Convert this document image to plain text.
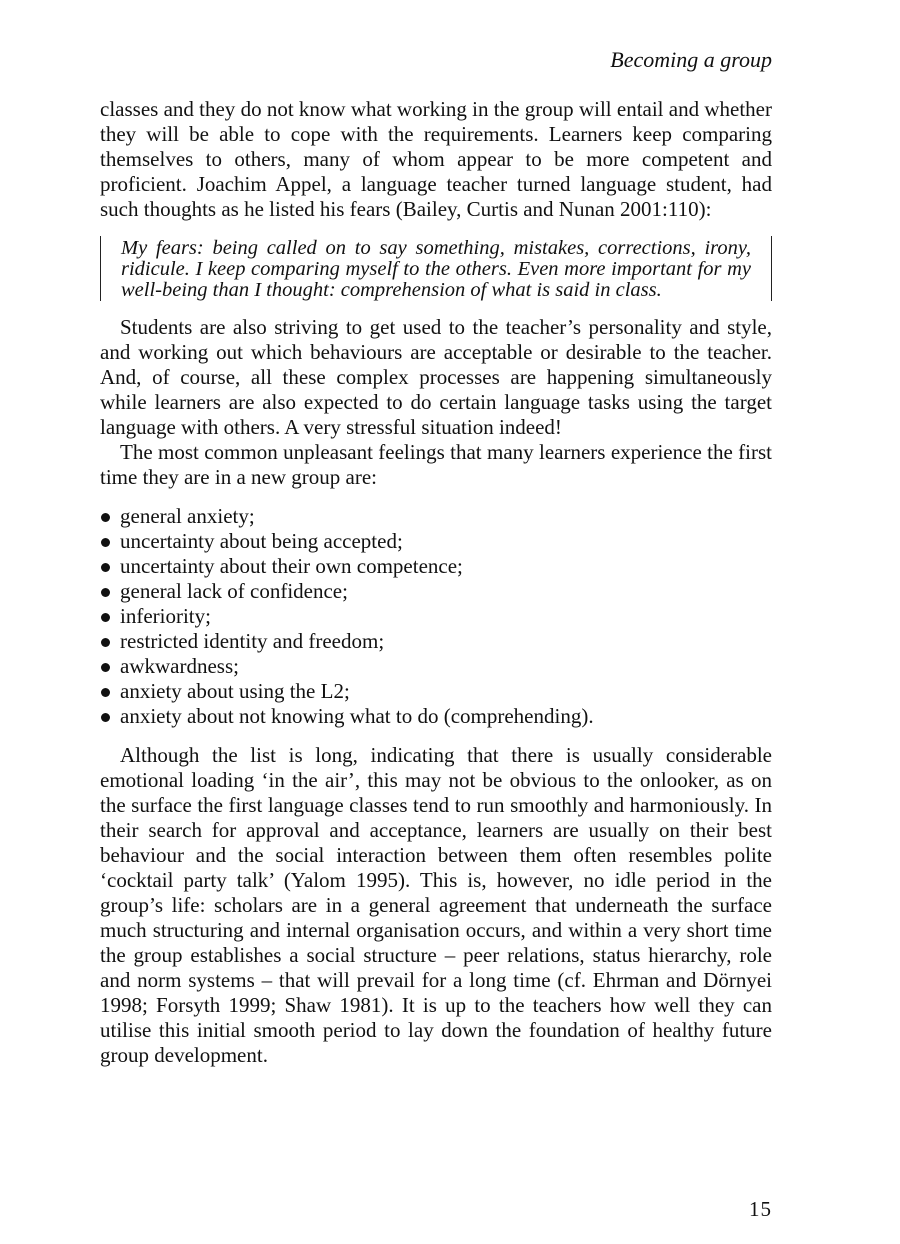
Becoming a group

classes and they do not know what working in the group will entail and whether they will be able to cope with the requirements. Learners keep comparing themselves to others, many of whom appear to be more competent and proficient. Joachim Appel, a language teacher turned language student, had such thoughts as he listed his fears (Bailey, Curtis and Nunan 2001:110):

My fears: being called on to say something, mistakes, corrections, irony, ridicule. I keep comparing myself to the others. Even more important for my well-being than I thought: comprehension of what is said in class.

Students are also striving to get used to the teacher’s personality and style, and working out which behaviours are acceptable or desirable to the teacher. And, of course, all these complex processes are happening simultaneously while learners are also expected to do certain language tasks using the target language with others. A very stressful situation indeed!

The most common unpleasant feelings that many learners experience the first time they are in a new group are:

general anxiety;
uncertainty about being accepted;
uncertainty about their own competence;
general lack of confidence;
inferiority;
restricted identity and freedom;
awkwardness;
anxiety about using the L2;
anxiety about not knowing what to do (comprehending).

Although the list is long, indicating that there is usually considerable emotional loading ‘in the air’, this may not be obvious to the onlooker, as on the surface the first language classes tend to run smoothly and harmoniously. In their search for approval and acceptance, learners are usually on their best behaviour and the social interaction between them often resembles polite ‘cocktail party talk’ (Yalom 1995). This is, however, no idle period in the group’s life: scholars are in a general agreement that underneath the surface much structuring and internal organisation occurs, and within a very short time the group establishes a social structure – peer relations, status hierarchy, role and norm systems – that will prevail for a long time (cf. Ehrman and Dörnyei 1998; Forsyth 1999; Shaw 1981). It is up to the teachers how well they can utilise this initial smooth period to lay down the foundation of healthy future group development.

15
